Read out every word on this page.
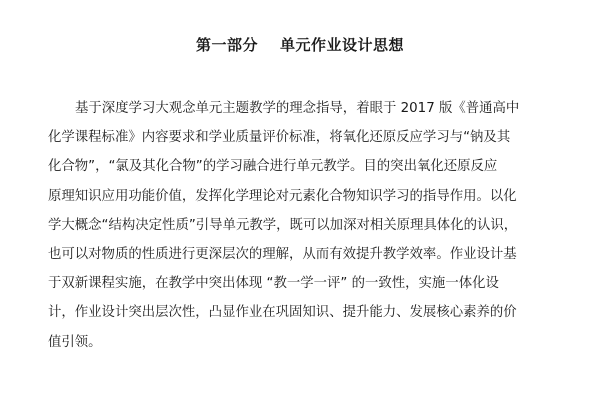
第一部分 单元作业设计思想
基于深度学习大观念单元主题教学的理念指导，着眼于 2017 版《普通高中
化学课程标准》内容要求和学业质量评价标准，将氧化还原反应学习与“钠及其
化合物”，“氯及其化合物”的学习融合进行单元教学。目的突出氧化还原反应
原理知识应用功能价值，发挥化学理论对元素化合物知识学习的指导作用。以化
学大概念“结构决定性质”引导单元教学，既可以加深对相关原理具体化的认识，
也可以对物质的性质进行更深层次的理解，从而有效提升教学效率。作业设计基
于双新课程实施，在教学中突出体现 “教一学一评” 的一致性，实施一体化设
计，作业设计突出层次性，凸显作业在巩固知识、提升能力、发展核心素养的价
值引领。
